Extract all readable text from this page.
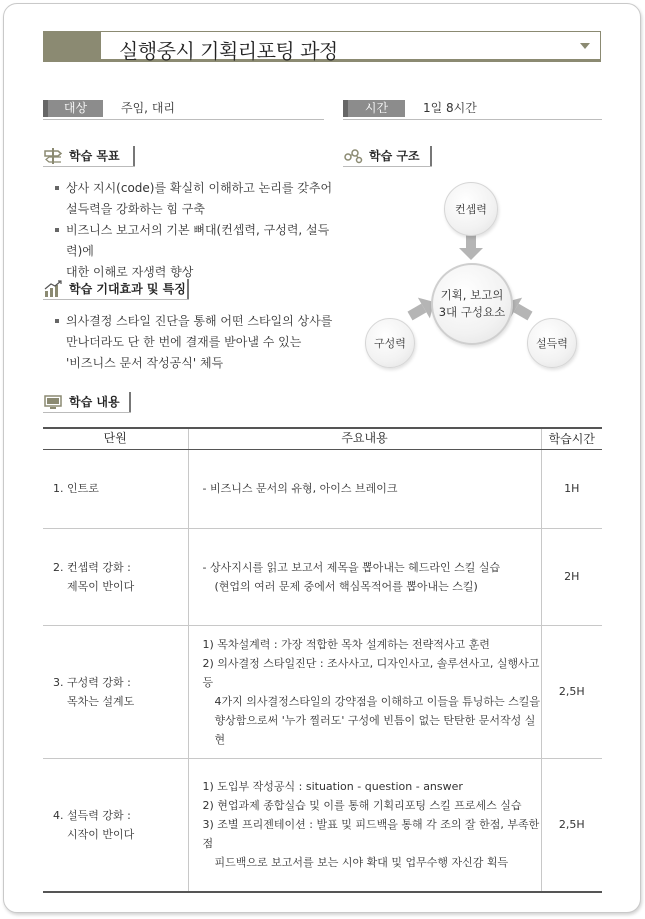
실행중시 기획리포팅 과정
대상	주임, 대리	시간	1일 8시간
학습 목표
상사 지시(code)를 확실히 이해하고 논리를 갖추어
설득력을 강화하는 힘 구축
비즈니스 보고서의 기본 뼈대(컨셉력, 구성력, 설득력)에
대한 이해로 자생력 향상
학습 기대효과 및 특징
의사결정 스타일 진단을 통해 어떤 스타일의 상사를
만나더라도 단 한 번에 결재를 받아낼 수 있는
'비즈니스 문서 작성공식' 체득
학습 구조
컨셉력
기획, 보고의
3대 구성요소
구성력	설득력
학습 내용
단원	주요내용	학습시간

1. 인트로	- 비즈니스 문서의 유형, 아이스 브레이크	1H

2. 컨셉력 강화 :
제목이 반이다	- 상사지시를 읽고 보고서 제목을 뽑아내는 헤드라인 스킬 실습
(현업의 여러 문제 중에서 핵심목적어를 뽑아내는 스킬)	2H

3. 구성력 강화 :
목차는 설계도	1) 목차설계력 : 가장 적합한 목차 설계하는 전략적사고 훈련
2) 의사결정 스타일진단 : 조사사고, 디자인사고, 솔루션사고, 실행사고 등
4가지 의사결정스타일의 강약점을 이해하고 이들을 튜닝하는 스킬을
향상함으로써 '누가 찔러도' 구성에 빈틈이 없는 탄탄한 문서작성 실현	2,5H

4. 설득력 강화 :
시작이 반이다	1) 도입부 작성공식 : situation - question - answer
2) 현업과제 종합실습 및 이를 통해 기획리포팅 스킬 프로세스 실습
3) 조별 프리젠테이션 : 발표 및 피드백을 통해 각 조의 잘 한점, 부족한 점
피드백으로 보고서를 보는 시야 확대 및 업무수행 자신감 획득	2,5H
